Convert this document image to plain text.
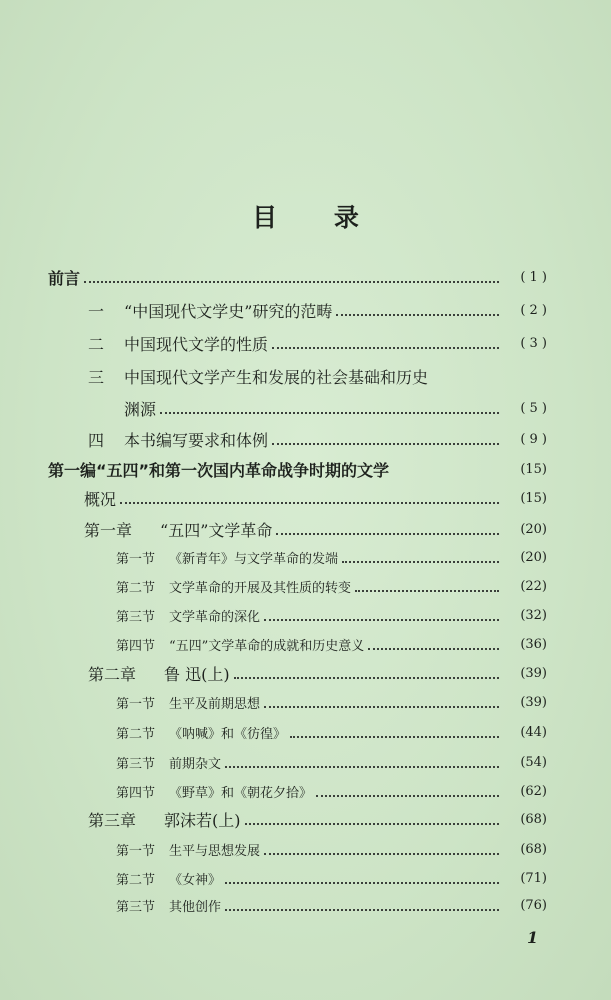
目 录
前言	( 1 )
一 “中国现代文学史”研究的范畴	( 2 )
二 中国现代文学的性质	( 3 )
三 中国现代文学产生和发展的社会基础和历史
渊源	( 5 )
四 本书编写要求和体例	( 9 )
第一编“五四”和第一次国内革命战争时期的文学	(15)
概况	(15)
第一章 “五四”文学革命	(20)
第一节 《新青年》与文学革命的发端	(20)
第二节 文学革命的开展及其性质的转变	(22)
第三节 文学革命的深化	(32)
第四节 “五四”文学革命的成就和历史意义	(36)
第二章 鲁 迅(上)	(39)
第一节 生平及前期思想	(39)
第二节 《呐喊》和《彷徨》	(44)
第三节 前期杂文	(54)
第四节 《野草》和《朝花夕拾》	(62)
第三章 郭沫若(上)	(68)
第一节 生平与思想发展	(68)
第二节 《女神》	(71)
第三节 其他创作	(76)
1
